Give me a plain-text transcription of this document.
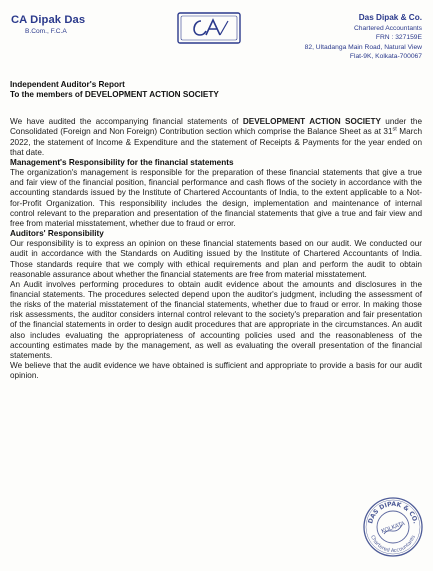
CA Dipak Das
B.Com., F.C.A
Das Dipak & Co.
Chartered Accountants
FRN : 327159E
82, Ultadanga Main Road, Natural View
Flat-9K, Kolkata-700067

Independent Auditor's Report

To the members of DEVELOPMENT ACTION SOCIETY

We have audited the accompanying financial statements of DEVELOPMENT ACTION SOCIETY under the Consolidated (Foreign and Non Foreign) Contribution section which comprise the Balance Sheet as at 31st March 2022, the statement of Income & Expenditure and the statement of Receipts & Payments for the year ended on that date.

Management's Responsibility for the financial statements

The organization's management is responsible for the preparation of these financial statements that give a true and fair view of the financial position, financial performance and cash flows of the society in accordance with the accounting standards issued by the Institute of Chartered Accountants of India, to the extent applicable to a Not-for-Profit Organization. This responsibility includes the design, implementation and maintenance of internal control relevant to the preparation and presentation of the financial statements that give a true and fair view and free from material misstatement, whether due to fraud or error.

Auditors' Responsibility

Our responsibility is to express an opinion on these financial statements based on our audit. We conducted our audit in accordance with the Standards on Auditing issued by the Institute of Chartered Accountants of India. Those standards require that we comply with ethical requirements and plan and perform the audit to obtain reasonable assurance about whether the financial statements are free from material misstatement.

An Audit involves performing procedures to obtain audit evidence about the amounts and disclosures in the financial statements. The procedures selected depend upon the auditor's judgment, including the assessment of the risks of the material misstatement of the financial statements, whether due to fraud or error. In making those risk assessments, the auditor considers internal control relevant to the society's preparation and fair presentation of the financial statements in order to design audit procedures that are appropriate in the circumstances. An audit also includes evaluating the appropriateness of accounting policies used and the reasonableness of the accounting estimates made by the management, as well as evaluating the overall presentation of the financial statements.

We believe that the audit evidence we have obtained is sufficient and appropriate to provide a basis for our audit opinion.

DAS DIPAK & CO.
Chartered Accountants
KOLKATA
